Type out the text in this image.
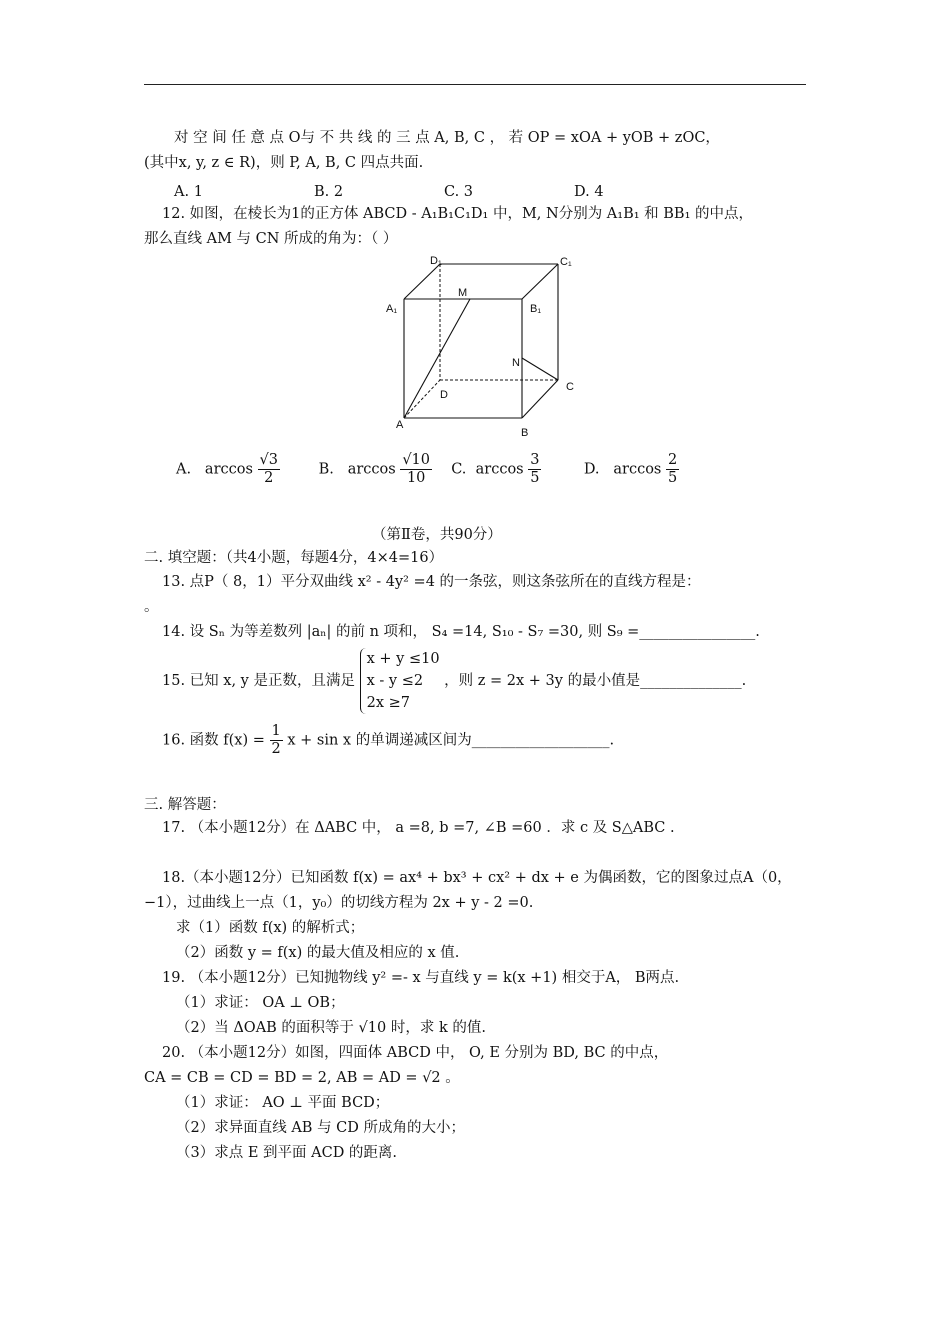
对 空 间 任 意 点 O与 不 共 线 的 三 点 A, B, C ， 若 OP = xOA + yOB + zOC，
(其中x, y, z ∈ R)，则 P, A, B, C 四点共面.
A. 1	B. 2	C. 3	D. 4
12. 如图，在棱长为1的正方体 ABCD - A₁B₁C₁D₁ 中，M, N分别为 A₁B₁ 和 BB₁ 的中点，
那么直线 AM 与 CN 所成的角为：（ ）
D₁	C₁
A₁	B₁
M
N
C
D
A
B
A. $\arccos \frac{√3}{2}$	B. $\arccos \frac{√10}{10} C$. $\arccos \frac{3}{5}$	D. $\arccos \frac{2}{5}$
（第Ⅱ卷，共90分）
二. 填空题：（共4小题，每题4分，4×4=16）
13. 点P（ 8，1）平分双曲线 x² - 4y² =4 的一条弦，则这条弦所在的直线方程是：
。
14. 设 Sₙ 为等差数列 |aₙ| 的前 n 项和， S₄ =14, S₁₀ - S₇ =30, 则 S₉ =________________.
15. 已知 x, y 是正数，且满足
x + y ≤10
x - y ≤2
2x ≥7
，则 z = 2x + 3y 的最小值是______________.
16. 函数 $f(x) = \frac{1}{2}$ x + sin x 的单调递减区间为___________________.
三. 解答题：
17. （本小题12分）在 ΔABC 中， a =8, b =7, ∠B =60 ．求 c 及 S△ABC .
18.（本小题12分）已知函数 f(x) = ax⁴ + bx³ + cx² + dx + e 为偶函数，它的图象过点A（0，
−1），过曲线上一点（1，y₀）的切线方程为 2x + y - 2 =0.
求（1）函数 f(x) 的解析式；
（2）函数 y = f(x) 的最大值及相应的 x 值.
19. （本小题12分）已知抛物线 y² =- x 与直线 y = k(x +1) 相交于A， B两点.
（1）求证： OA ⊥ OB；
（2）当 ΔOAB 的面积等于 √10 时，求 k 的值.
20. （本小题12分）如图，四面体 ABCD 中， O, E 分别为 BD, BC 的中点，
CA = CB = CD = BD = 2, AB = AD = √2 。
（1）求证： AO ⊥ 平面 BCD；
（2）求异面直线 AB 与 CD 所成角的大小；
（3）求点 E 到平面 ACD 的距离.
